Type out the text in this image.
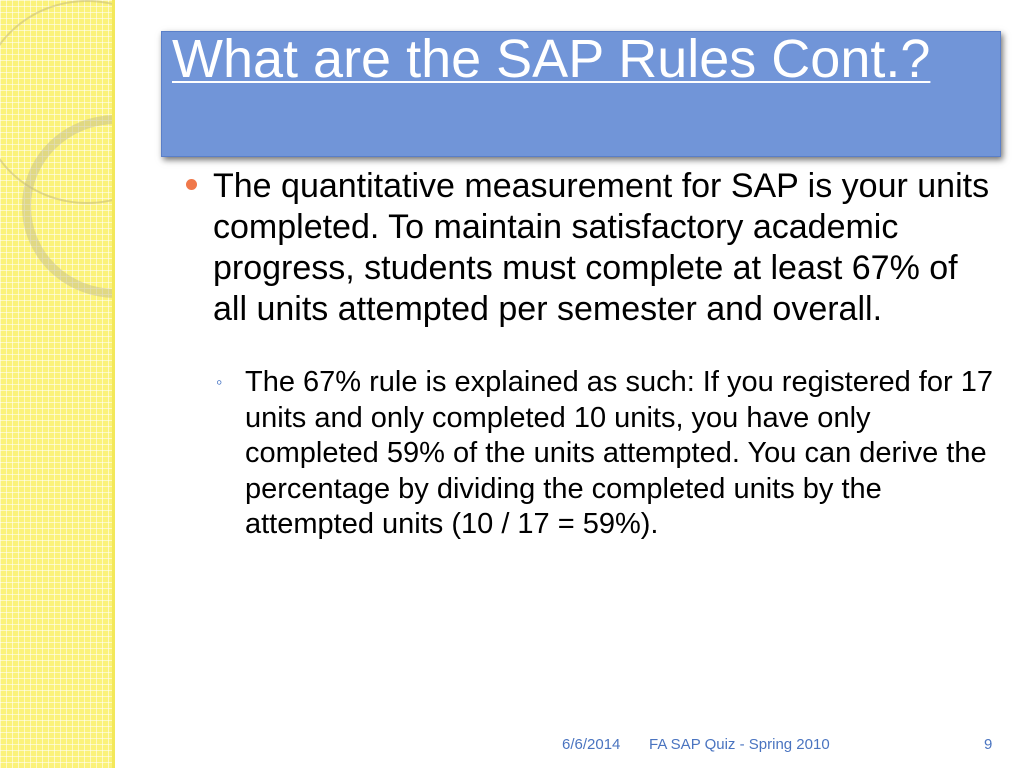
What are the SAP Rules Cont.?
The quantitative measurement for SAP is your units completed. To maintain satisfactory academic progress, students must complete at least 67% of all units attempted per semester and overall.
◦ The 67% rule is explained as such: If you registered for 17 units and only completed 10 units, you have only completed 59% of the units attempted. You can derive the percentage by dividing the completed units by the attempted units (10 / 17 = 59%).
6/6/2014 FA SAP Quiz - Spring 2010	9
